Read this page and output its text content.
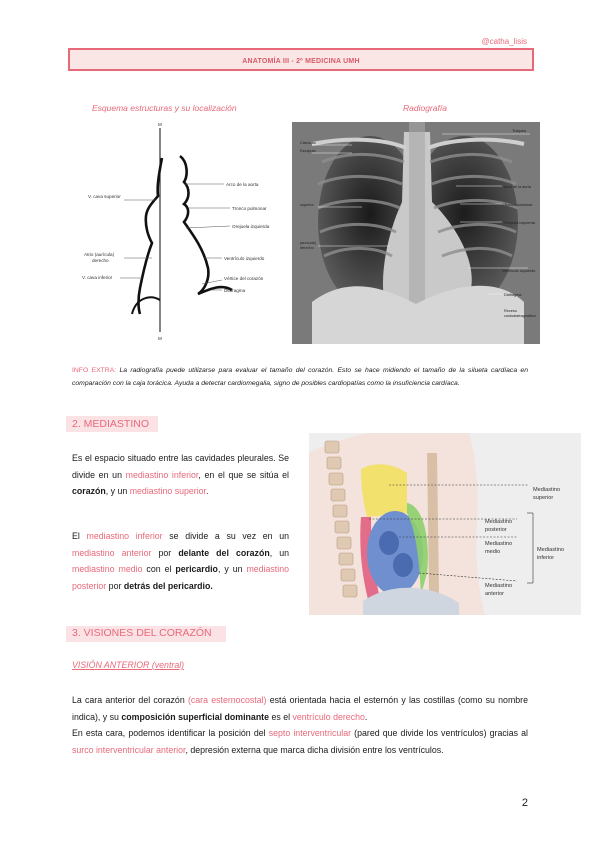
@catha_lisis
ANATOMÍA III - 2º MEDICINA UMH
Esquema estructuras y su localización	Radiografía
M
M
V. cava superior
Arco de la aorta
Tronco pulmonar
Orejuela izquierda
Atrio (aurícula)
derecho
V. cava inferior
Ventrículo izquierdo
Vértice del corazón
Diafragma
Clavícula
Escápula
Tráquea
superior
Arco de la aorta
Tronco pulmonar
Orejuela izquierda
(aurícula)
derecho
Ventrículo izquierdo
Diafragma
Receso
costodiafragmático
INFO EXTRA: La radiografía puede utilizarse para evaluar el tamaño del corazón. Esto se hace midiendo el tamaño de la silueta cardíaca en comparación con la caja torácica. Ayuda a detectar cardiomegalia, signo de posibles cardiopatías como la insuficiencia cardíaca.
2. MEDIASTINO
Es el espacio situado entre las cavidades pleurales. Se divide en un mediastino inferior, en el que se sitúa el corazón, y un mediastino superior.
El mediastino inferior se divide a su vez en un mediastino anterior por delante del corazón, un mediastino medio con el pericardio, y un mediastino posterior por detrás del pericardio.
Mediastino
superior
Mediastino
posterior
Mediastino
medio
Mediastino
anterior
Mediastino
inferior
3. VISIONES DEL CORAZÓN
VISIÓN ANTERIOR (ventral)
La cara anterior del corazón (cara esternocostal) está orientada hacia el esternón y las costillas (como su nombre indica), y su composición superficial dominante es el ventrículo derecho.
En esta cara, podemos identificar la posición del septo interventricular (pared que divide los ventrículos) gracias al surco interventricular anterior, depresión externa que marca dicha división entre los ventrículos.
2
